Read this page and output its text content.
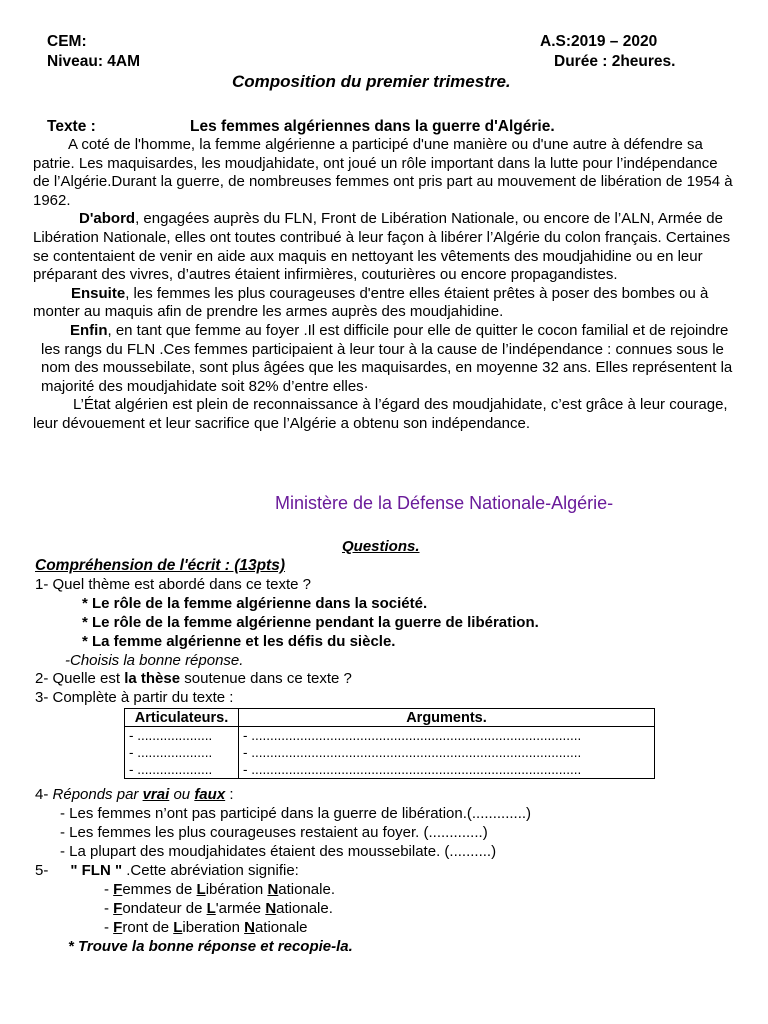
CEM:	A.S:2019 – 2020
Niveau: 4AM	Durée : 2heures.
Composition du premier trimestre.
Texte :	Les femmes algériennes dans la guerre d'Algérie.

A coté de l'homme, la femme algérienne a participé d'une manière ou d'une autre à défendre sa patrie. Les maquisardes, les moudjahidate, ont joué un rôle important dans la lutte pour l’indépendance de l’Algérie.Durant la guerre, de nombreuses femmes ont pris part au mouvement de libération de 1954 à 1962.

D'abord, engagées auprès du FLN, Front de Libération Nationale, ou encore de l’ALN, Armée de Libération Nationale, elles ont toutes contribué à leur façon à libérer l’Algérie du colon français. Certaines se contentaient de venir en aide aux maquis en nettoyant les vêtements des moudjahidine ou en leur préparant des vivres, d’autres étaient infirmières, couturières ou encore propagandistes.

Ensuite, les femmes les plus courageuses d'entre elles étaient prêtes à poser des bombes ou à monter au maquis afin de prendre les armes auprès des moudjahidine.

Enfin, en tant que femme au foyer .Il est difficile pour elle de quitter le cocon familial et de rejoindre les rangs du FLN .Ces femmes participaient à leur tour à la cause de l’indépendance : connues sous le nom des moussebilate, sont plus âgées que les maquisardes, en moyenne 32 ans. Elles représentent la majorité des moudjahidate soit 82% d’entre elles·

L’État algérien est plein de reconnaissance à l’égard des moudjahidate, c’est grâce à leur courage, leur dévouement et leur sacrifice que l’Algérie a obtenu son indépendance.

Ministère de la Défense Nationale-Algérie-
Questions.
Compréhension de l'écrit : (13pts)
1- Quel thème est abordé dans ce texte ?
* Le rôle de la femme algérienne dans la société.
* Le rôle de la femme algérienne pendant la guerre de libération.
* La femme algérienne et les défis du siècle.
-Choisis la bonne réponse.
2- Quelle est la thèse soutenue dans ce texte ?
3- Complète à partir du texte :
Articulateurs.	Arguments.
- ....................	- ........................................................................................
- ....................	- ........................................................................................
- ....................	- ........................................................................................
4- Réponds par vrai ou faux :
- Les femmes n’ont pas participé dans la guerre de libération.(.............)
- Les femmes les plus courageuses restaient au foyer. (.............)
- La plupart des moudjahidates étaient des moussebilate. (..........)
5- " FLN " .Cette abréviation signifie:
- Femmes de Libération Nationale.
- Fondateur de L'armée Nationale.
- Front de Liberation Nationale
* Trouve la bonne réponse et recopie-la.
